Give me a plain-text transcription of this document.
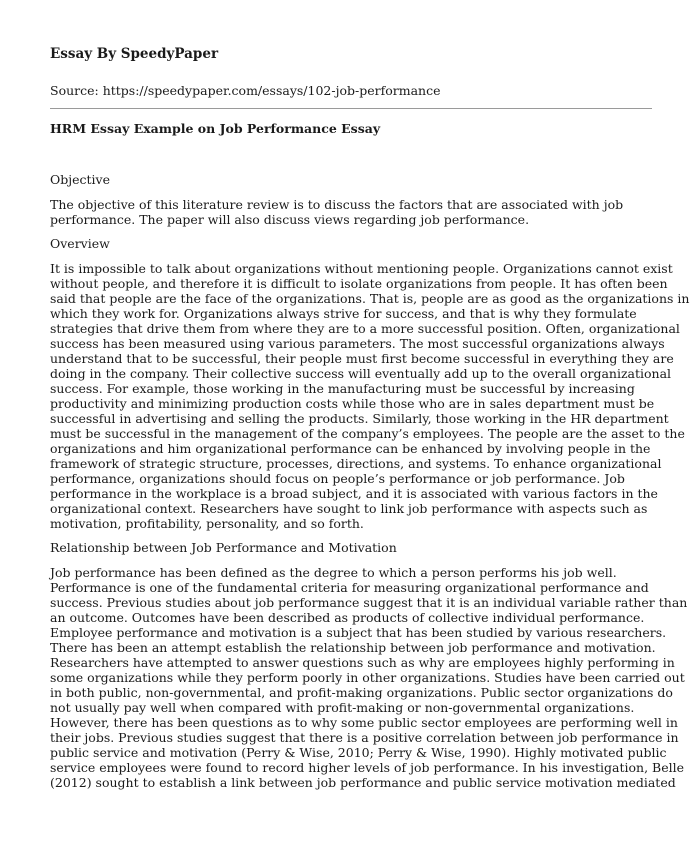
Essay By SpeedyPaper

Source: https://speedypaper.com/essays/102-job-performance

HRM Essay Example on Job Performance Essay

Objective

The objective of this literature review is to discuss the factors that are associated with job
performance. The paper will also discuss views regarding job performance.

Overview

It is impossible to talk about organizations without mentioning people. Organizations cannot exist
without people, and therefore it is difficult to isolate organizations from people. It has often been
said that people are the face of the organizations. That is, people are as good as the organizations in
which they work for. Organizations always strive for success, and that is why they formulate
strategies that drive them from where they are to a more successful position. Often, organizational
success has been measured using various parameters. The most successful organizations always
understand that to be successful, their people must first become successful in everything they are
doing in the company. Their collective success will eventually add up to the overall organizational
success. For example, those working in the manufacturing must be successful by increasing
productivity and minimizing production costs while those who are in sales department must be
successful in advertising and selling the products. Similarly, those working in the HR department
must be successful in the management of the company’s employees. The people are the asset to the
organizations and him organizational performance can be enhanced by involving people in the
framework of strategic structure, processes, directions, and systems. To enhance organizational
performance, organizations should focus on people’s performance or job performance. Job
performance in the workplace is a broad subject, and it is associated with various factors in the
organizational context. Researchers have sought to link job performance with aspects such as
motivation, profitability, personality, and so forth.

Relationship between Job Performance and Motivation

Job performance has been defined as the degree to which a person performs his job well.
Performance is one of the fundamental criteria for measuring organizational performance and
success. Previous studies about job performance suggest that it is an individual variable rather than
an outcome. Outcomes have been described as products of collective individual performance.
Employee performance and motivation is a subject that has been studied by various researchers.
There has been an attempt establish the relationship between job performance and motivation.
Researchers have attempted to answer questions such as why are employees highly performing in
some organizations while they perform poorly in other organizations. Studies have been carried out
in both public, non-governmental, and profit-making organizations. Public sector organizations do
not usually pay well when compared with profit-making or non-governmental organizations.
However, there has been questions as to why some public sector employees are performing well in
their jobs. Previous studies suggest that there is a positive correlation between job performance in
public service and motivation (Perry & Wise, 2010; Perry & Wise, 1990). Highly motivated public
service employees were found to record higher levels of job performance. In his investigation, Belle
(2012) sought to establish a link between job performance and public service motivation mediated
